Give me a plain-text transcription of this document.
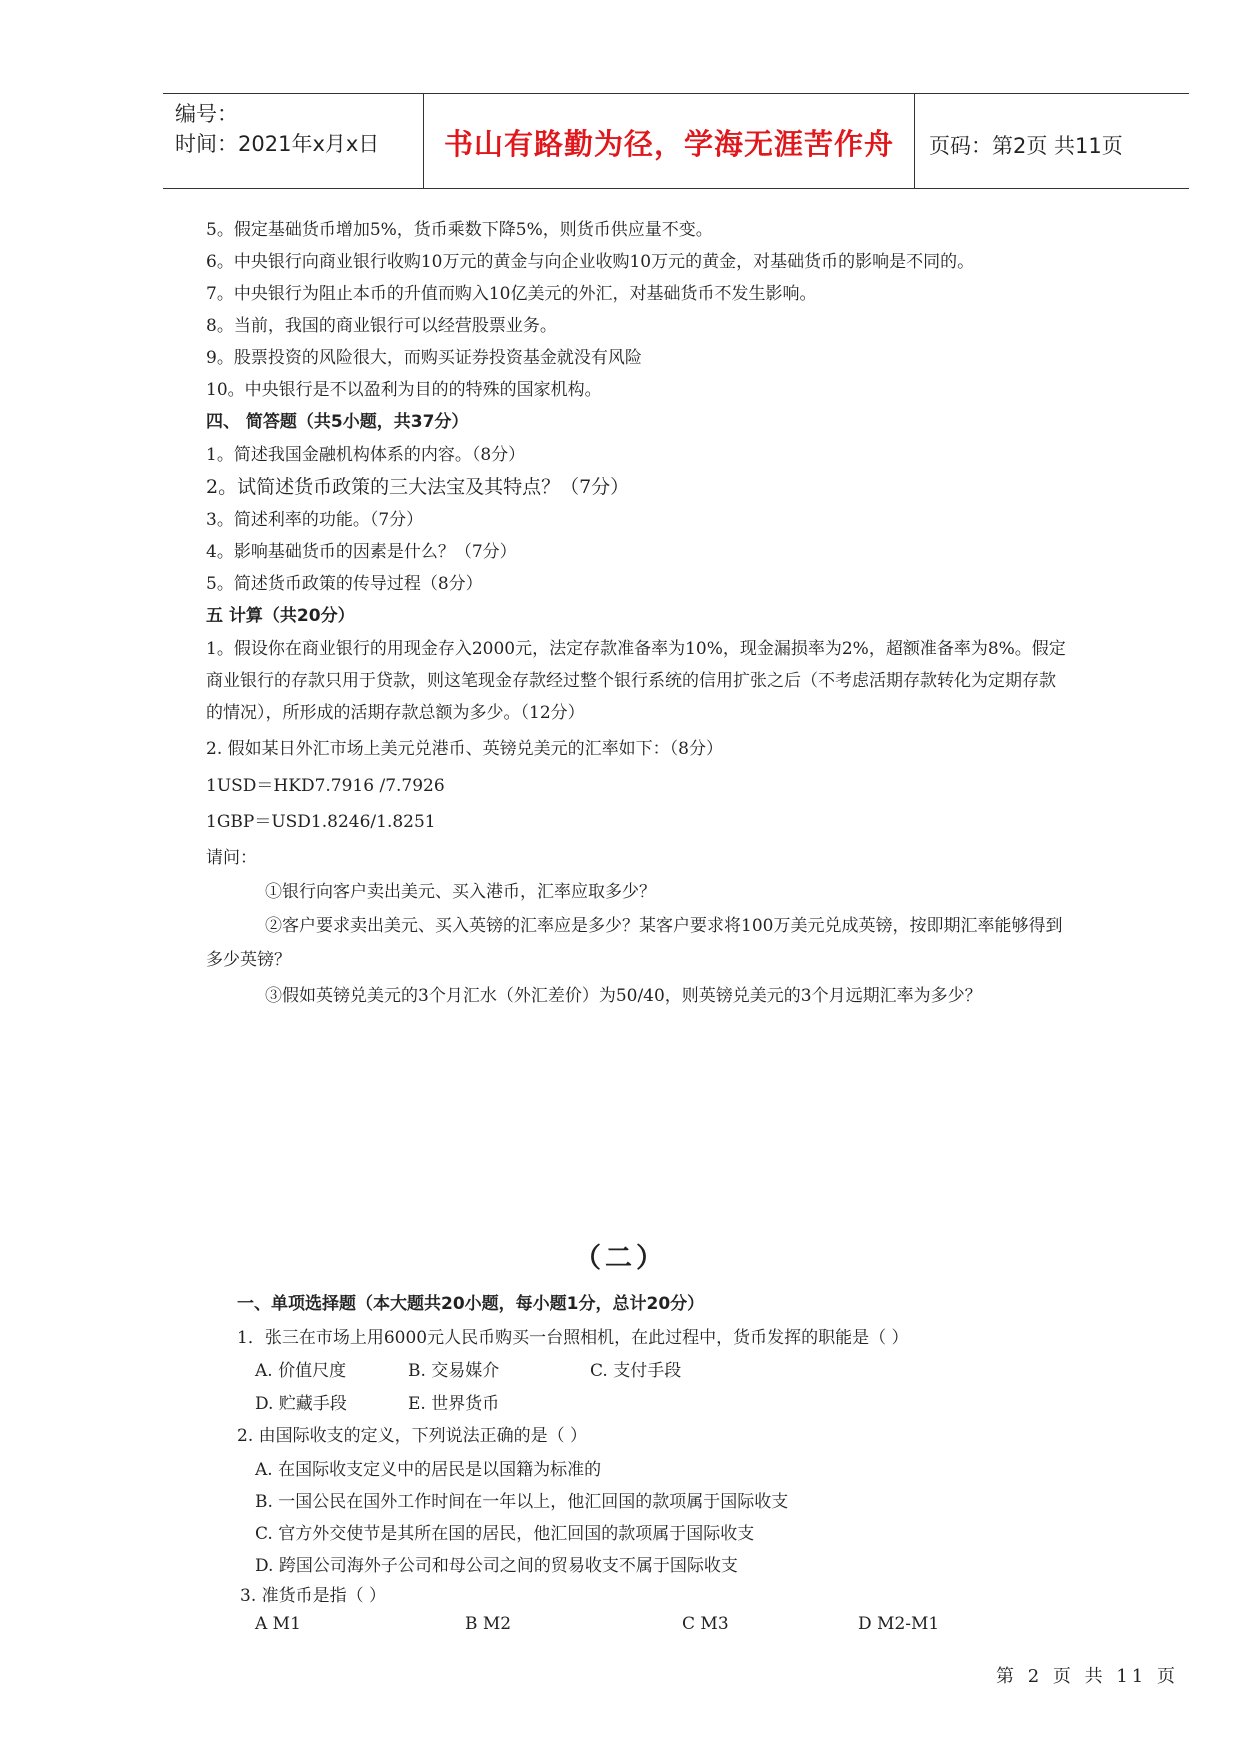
编号：
时间：2021年x月x日	书山有路勤为径，学海无涯苦作舟	页码：第2页 共11页
5。假定基础货币增加5%，货币乘数下降5%，则货币供应量不变。
6。中央银行向商业银行收购10万元的黄金与向企业收购10万元的黄金，对基础货币的影响是不同的。
7。中央银行为阻止本币的升值而购入10亿美元的外汇，对基础货币不发生影响。
8。当前，我国的商业银行可以经营股票业务。
9。股票投资的风险很大，而购买证券投资基金就没有风险
10。中央银行是不以盈利为目的的特殊的国家机构。
四、 简答题（共5小题，共37分）
1。简述我国金融机构体系的内容。（8分）
2。试简述货币政策的三大法宝及其特点？（7分）
3。简述利率的功能。（7分）
4。影响基础货币的因素是什么？（7分）
5。简述货币政策的传导过程（8分）
五 计算（共20分）
1。假设你在商业银行的用现金存入2000元，法定存款准备率为10%，现金漏损率为2%，超额准备率为8%。假定
商业银行的存款只用于贷款，则这笔现金存款经过整个银行系统的信用扩张之后（不考虑活期存款转化为定期存款
的情况），所形成的活期存款总额为多少。（12分）
2. 假如某日外汇市场上美元兑港币、英镑兑美元的汇率如下：（8分）
1USD＝HKD7.7916 /7.7926
1GBP＝USD1.8246/1.8251
请问：
①银行向客户卖出美元、买入港币，汇率应取多少？
②客户要求卖出美元、买入英镑的汇率应是多少？某客户要求将100万美元兑成英镑，按即期汇率能够得到
多少英镑？
③假如英镑兑美元的3个月汇水（外汇差价）为50/40，则英镑兑美元的3个月远期汇率为多少？
（二）
一、单项选择题（本大题共20小题，每小题1分，总计20分）
1．张三在市场上用6000元人民币购买一台照相机，在此过程中，货币发挥的职能是（ ）
A. 价值尺度	B. 交易媒介	C. 支付手段
D. 贮藏手段	E. 世界货币
2. 由国际收支的定义，下列说法正确的是（ ）
A. 在国际收支定义中的居民是以国籍为标准的
B. 一国公民在国外工作时间在一年以上，他汇回国的款项属于国际收支
C. 官方外交使节是其所在国的居民，他汇回国的款项属于国际收支
D. 跨国公司海外子公司和母公司之间的贸易收支不属于国际收支
3. 准货币是指（ ）
A M1	B M2	C M3	D M2-M1
第 2 页 共 11 页
